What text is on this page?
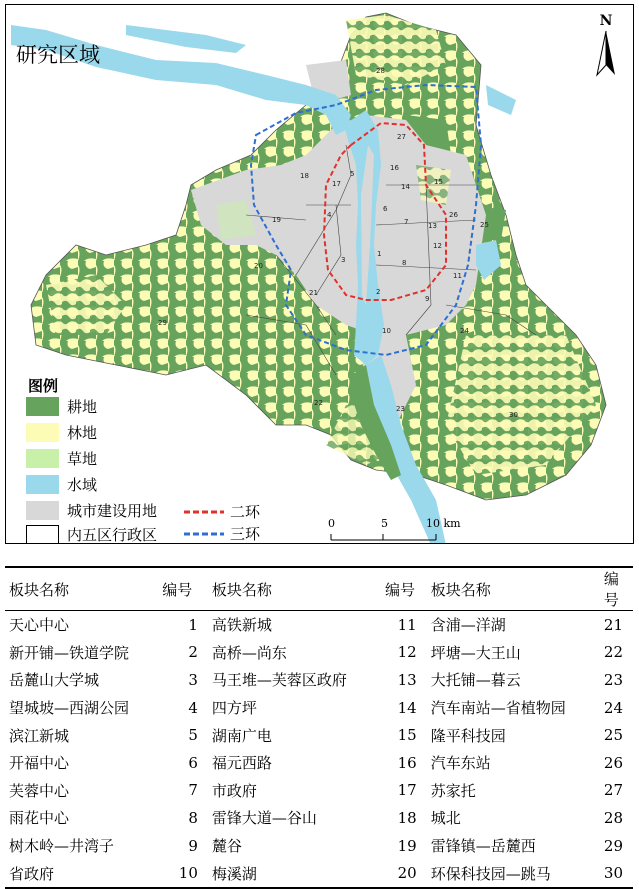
1
2
3
4
5
6
7
8
9
10
11
12
13
14
15
16
17
18
19
20
21
22
23
24
25
26
27
28
29
30
研究区域
N
图例
耕地
林地
草地
水域
城市建设用地
内五区行政区
二环
三环
0	5	10 km
板块名称	编号	板块名称	编号	板块名称	编号
天心中心	1	高铁新城	11	含浦—洋湖	21
新开铺—铁道学院	2	高桥—尚东	12	坪塘—大王山	22
岳麓山大学城	3	马王堆—芙蓉区政府	13	大托铺—暮云	23
望城坡—西湖公园	4	四方坪	14	汽车南站—省植物园	24
滨江新城	5	湖南广电	15	隆平科技园	25
开福中心	6	福元西路	16	汽车东站	26
芙蓉中心	7	市政府	17	苏家托	27
雨花中心	8	雷锋大道—谷山	18	城北	28
树木岭—井湾子	9	麓谷	19	雷锋镇—岳麓西	29
省政府	10	梅溪湖	20	环保科技园—跳马	30
